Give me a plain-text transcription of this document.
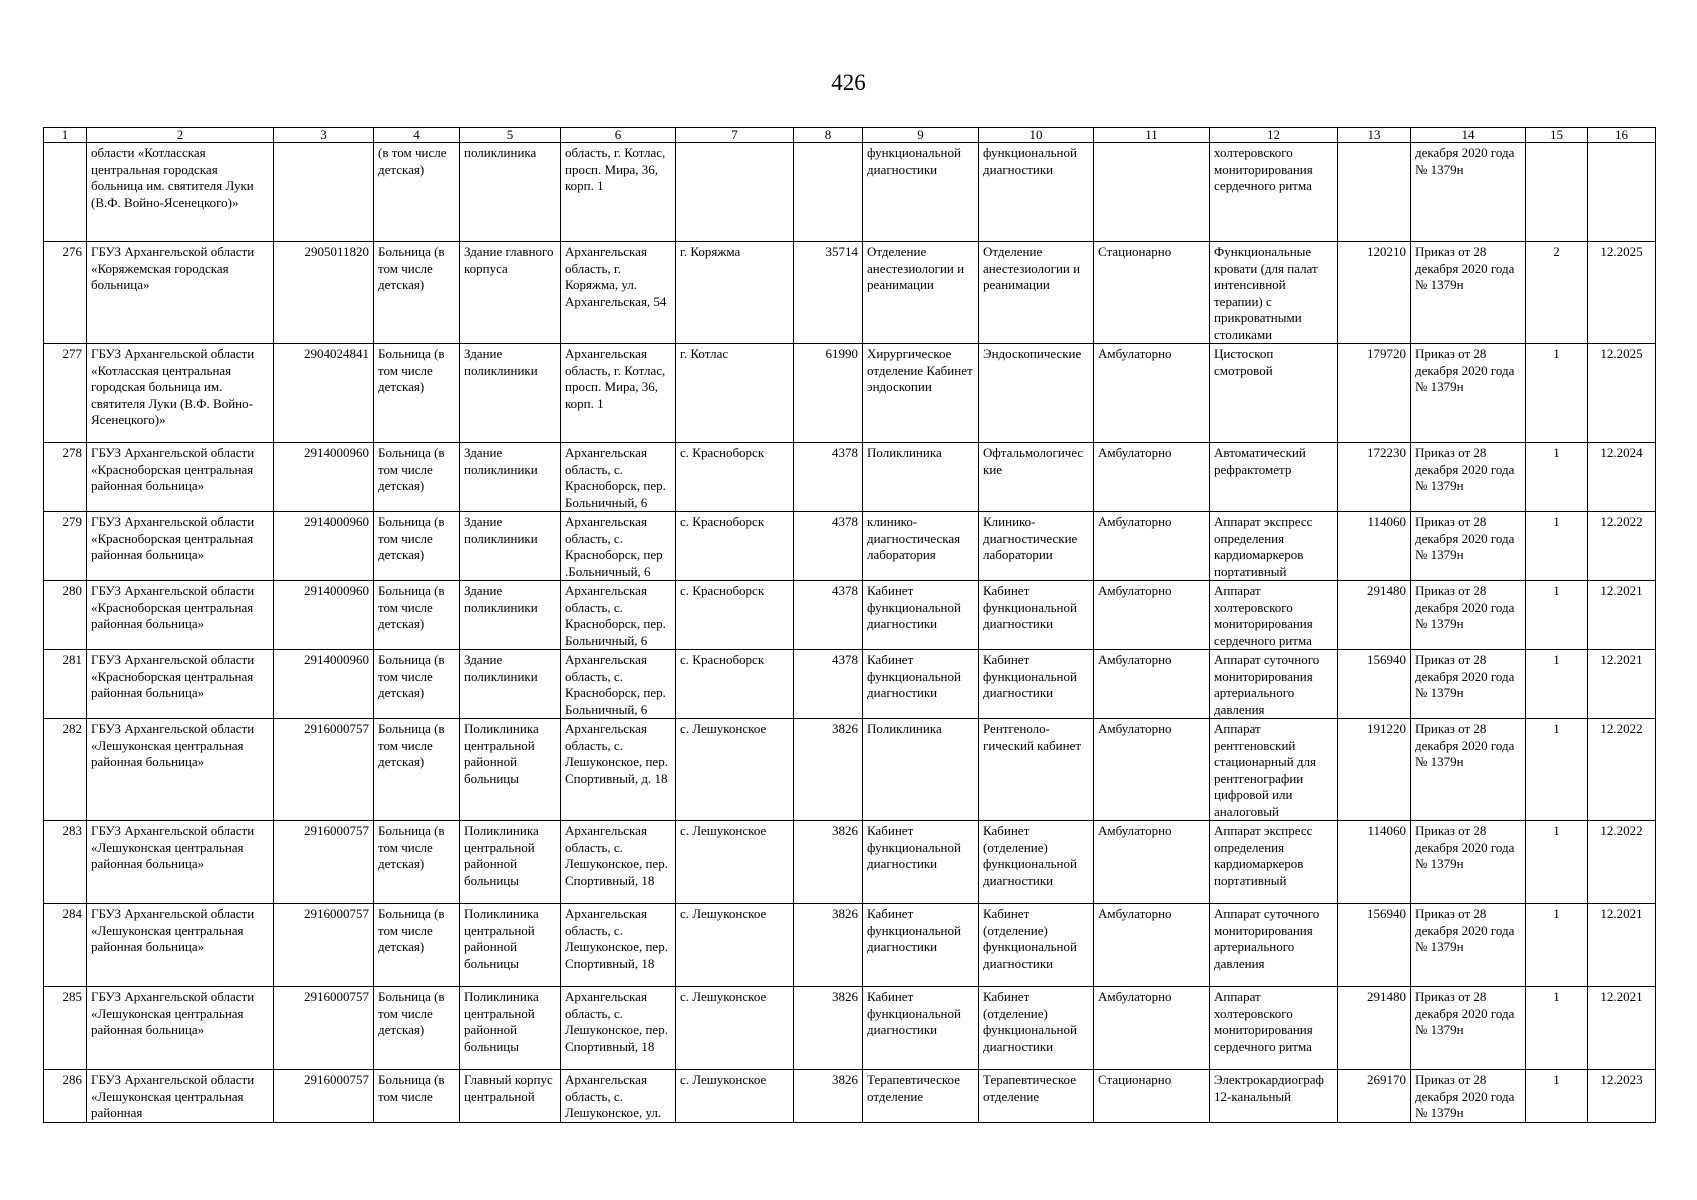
426
1	2	3	4	5	6	7	8	9	10	11	12	13	14	15	16
	области «Котласская центральная городская больница им. святителя Луки (В.Ф. Войно-Ясенецкого)»		(в том числе детская)	поликлиника	область, г. Котлас, просп. Мира, 36, корп. 1			функциональной диагностики	функциональной диагностики		холтеровского мониторирования сердечного ритма		декабря 2020 года № 1379н		
276	ГБУЗ Архангельской области «Коряжемская городская больница»	2905011820	Больница (в том числе детская)	Здание главного корпуса	Архангельская область, г. Коряжма, ул. Архангельская, 54	г. Коряжма	35714	Отделение анестезиологии и реанимации	Отделение анестезиологии и реанимации	Стационарно	Функциональные кровати (для палат интенсивной терапии) с прикроватными столиками	120210	Приказ от 28 декабря 2020 года № 1379н	2	12.2025
277	ГБУЗ Архангельской области «Котласская центральная городская больница им. святителя Луки (В.Ф. Войно-Ясенецкого)»	2904024841	Больница (в том числе детская)	Здание поликлиники	Архангельская область, г. Котлас, просп. Мира, 36, корп. 1	г. Котлас	61990	Хирургическое отделение Кабинет эндоскопии	Эндоскопические	Амбулаторно	Цистоскоп смотровой	179720	Приказ от 28 декабря 2020 года № 1379н	1	12.2025
278	ГБУЗ Архангельской области «Красноборская центральная районная больница»	2914000960	Больница (в том числе детская)	Здание поликлиники	Архангельская область, с. Красноборск, пер. Больничный, 6	с. Красноборск	4378	Поликлиника	Офтальмологические	Амбулаторно	Автоматический рефрактометр	172230	Приказ от 28 декабря 2020 года № 1379н	1	12.2024
279	ГБУЗ Архангельской области «Красноборская центральная районная больница»	2914000960	Больница (в том числе детская)	Здание поликлиники	Архангельская область, с. Красноборск, пер .Больничный, 6	с. Красноборск	4378	клинико-диагностическая лаборатория	Клинико-диагностические лаборатории	Амбулаторно	Аппарат экспресс определения кардиомаркеров портативный	114060	Приказ от 28 декабря 2020 года № 1379н	1	12.2022
280	ГБУЗ Архангельской области «Красноборская центральная районная больница»	2914000960	Больница (в том числе детская)	Здание поликлиники	Архангельская область, с. Красноборск, пер. Больничный, 6	с. Красноборск	4378	Кабинет функциональной диагностики	Кабинет функциональной диагностики	Амбулаторно	Аппарат холтеровского мониторирования сердечного ритма	291480	Приказ от 28 декабря 2020 года № 1379н	1	12.2021
281	ГБУЗ Архангельской области «Красноборская центральная районная больница»	2914000960	Больница (в том числе детская)	Здание поликлиники	Архангельская область, с. Красноборск, пер. Больничный, 6	с. Красноборск	4378	Кабинет функциональной диагностики	Кабинет функциональной диагностики	Амбулаторно	Аппарат суточного мониторирования артериального давления	156940	Приказ от 28 декабря 2020 года № 1379н	1	12.2021
282	ГБУЗ Архангельской области «Лешуконская центральная районная больница»	2916000757	Больница (в том числе детская)	Поликлиника центральной районной больницы	Архангельская область, с. Лешуконское, пер. Спортивный, д. 18	с. Лешуконское	3826	Поликлиника	Рентгеноло-гический кабинет	Амбулаторно	Аппарат рентгеновский стационарный для рентгенографии цифровой или аналоговый	191220	Приказ от 28 декабря 2020 года № 1379н	1	12.2022
283	ГБУЗ Архангельской области «Лешуконская центральная районная больница»	2916000757	Больница (в том числе детская)	Поликлиника центральной районной больницы	Архангельская область, с. Лешуконское, пер. Спортивный, 18	с. Лешуконское	3826	Кабинет функциональной диагностики	Кабинет (отделение) функциональной диагностики	Амбулаторно	Аппарат экспресс определения кардиомаркеров портативный	114060	Приказ от 28 декабря 2020 года № 1379н	1	12.2022
284	ГБУЗ Архангельской области «Лешуконская центральная районная больница»	2916000757	Больница (в том числе детская)	Поликлиника центральной районной больницы	Архангельская область, с. Лешуконское, пер. Спортивный, 18	с. Лешуконское	3826	Кабинет функциональной диагностики	Кабинет (отделение) функциональной диагностики	Амбулаторно	Аппарат суточного мониторирования артериального давления	156940	Приказ от 28 декабря 2020 года № 1379н	1	12.2021
285	ГБУЗ Архангельской области «Лешуконская центральная районная больница»	2916000757	Больница (в том числе детская)	Поликлиника центральной районной больницы	Архангельская область, с. Лешуконское, пер. Спортивный, 18	с. Лешуконское	3826	Кабинет функциональной диагностики	Кабинет (отделение) функциональной диагностики	Амбулаторно	Аппарат холтеровского мониторирования сердечного ритма	291480	Приказ от 28 декабря 2020 года № 1379н	1	12.2021
286	ГБУЗ Архангельской области «Лешуконская центральная районная	2916000757	Больница (в том числе	Главный корпус центральной	Архангельская область, с. Лешуконское, ул.	с. Лешуконское	3826	Терапевтическое отделение	Терапевтическое отделение	Стационарно	Электрокардиограф 12-канальный	269170	Приказ от 28 декабря 2020 года № 1379н	1	12.2023
